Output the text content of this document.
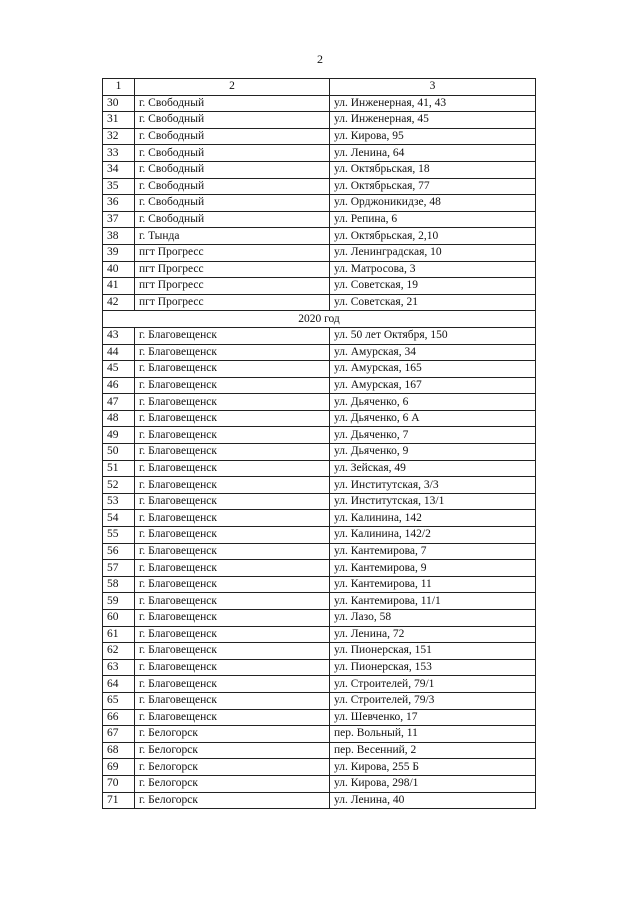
2
1	2	3
30	г. Свободный	ул. Инженерная, 41, 43
31	г. Свободный	ул. Инженерная, 45
32	г. Свободный	ул. Кирова, 95
33	г. Свободный	ул. Ленина, 64
34	г. Свободный	ул. Октябрьская, 18
35	г. Свободный	ул. Октябрьская, 77
36	г. Свободный	ул. Орджоникидзе, 48
37	г. Свободный	ул. Репина, 6
38	г. Тында	ул. Октябрьская, 2,10
39	пгт Прогресс	ул. Ленинградская, 10
40	пгт Прогресс	ул. Матросова, 3
41	пгт Прогресс	ул. Советская, 19
42	пгт Прогресс	ул. Советская, 21
2020 год		
43	г. Благовещенск	ул. 50 лет Октября, 150
44	г. Благовещенск	ул. Амурская, 34
45	г. Благовещенск	ул. Амурская, 165
46	г. Благовещенск	ул. Амурская, 167
47	г. Благовещенск	ул. Дьяченко, 6
48	г. Благовещенск	ул. Дьяченко, 6 А
49	г. Благовещенск	ул. Дьяченко, 7
50	г. Благовещенск	ул. Дьяченко, 9
51	г. Благовещенск	ул. Зейская, 49
52	г. Благовещенск	ул. Институтская, 3/3
53	г. Благовещенск	ул. Институтская, 13/1
54	г. Благовещенск	ул. Калинина, 142
55	г. Благовещенск	ул. Калинина, 142/2
56	г. Благовещенск	ул. Кантемирова, 7
57	г. Благовещенск	ул. Кантемирова, 9
58	г. Благовещенск	ул. Кантемирова, 11
59	г. Благовещенск	ул. Кантемирова, 11/1
60	г. Благовещенск	ул. Лазо, 58
61	г. Благовещенск	ул. Ленина, 72
62	г. Благовещенск	ул. Пионерская, 151
63	г. Благовещенск	ул. Пионерская, 153
64	г. Благовещенск	ул. Строителей, 79/1
65	г. Благовещенск	ул. Строителей, 79/3
66	г. Благовещенск	ул. Шевченко, 17
67	г. Белогорск	пер. Вольный, 11
68	г. Белогорск	пер. Весенний, 2
69	г. Белогорск	ул. Кирова, 255 Б
70	г. Белогорск	ул. Кирова, 298/1
71	г. Белогорск	ул. Ленина, 40
